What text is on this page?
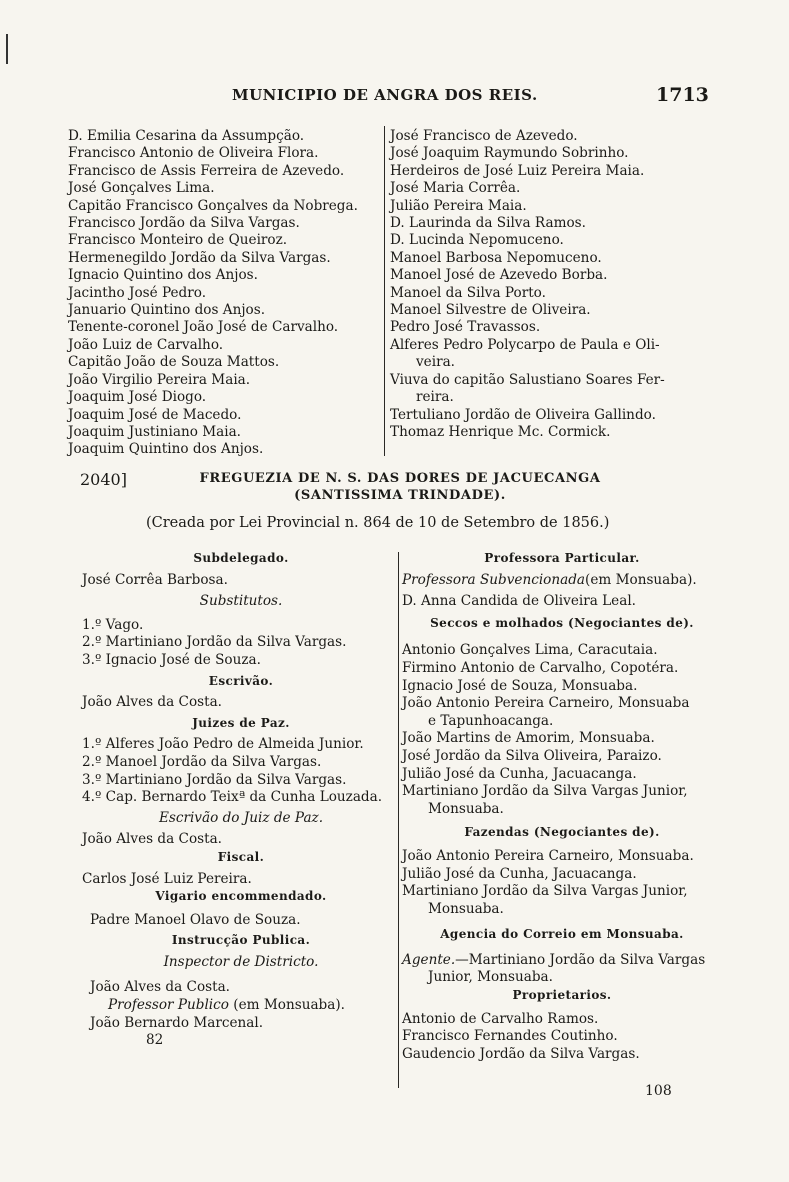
MUNICIPIO DE ANGRA DOS REIS.	1713
D. Emilia Cesarina da Assumpção.
Francisco Antonio de Oliveira Flora.
Francisco de Assis Ferreira de Azevedo.
José Gonçalves Lima.
Capitão Francisco Gonçalves da Nobrega.
Francisco Jordão da Silva Vargas.
Francisco Monteiro de Queiroz.
Hermenegildo Jordão da Silva Vargas.
Ignacio Quintino dos Anjos.
Jacintho José Pedro.
Januario Quintino dos Anjos.
Tenente-coronel João José de Carvalho.
João Luiz de Carvalho.
Capitão João de Souza Mattos.
João Virgilio Pereira Maia.
Joaquim José Diogo.
Joaquim José de Macedo.
Joaquim Justiniano Maia.
Joaquim Quintino dos Anjos.
José Francisco de Azevedo.
José Joaquim Raymundo Sobrinho.
Herdeiros de José Luiz Pereira Maia.
José Maria Corrêa.
Julião Pereira Maia.
D. Laurinda da Silva Ramos.
D. Lucinda Nepomuceno.
Manoel Barbosa Nepomuceno.
Manoel José de Azevedo Borba.
Manoel da Silva Porto.
Manoel Silvestre de Oliveira.
Pedro José Travassos.
Alferes Pedro Polycarpo de Paula e Oli-
veira.
Viuva do capitão Salustiano Soares Fer-
reira.
Tertuliano Jordão de Oliveira Gallindo.
Thomaz Henrique Mc. Cormick.
2040]	FREGUEZIA DE N. S. DAS DORES DE JACUECANGA
(SANTISSIMA TRINDADE).
(Creada por Lei Provincial n. 864 de 10 de Setembro de 1856.)
Subdelegado.
José Corrêa Barbosa.
Substitutos.
1.º Vago.
2.º Martiniano Jordão da Silva Vargas.
3.º Ignacio José de Souza.
Escrivão.
João Alves da Costa.
Juizes de Paz.
1.º Alferes João Pedro de Almeida Junior.
2.º Manoel Jordão da Silva Vargas.
3.º Martiniano Jordão da Silva Vargas.
4.º Cap. Bernardo Teixª da Cunha Louzada.
Escrivão do Juiz de Paz.
João Alves da Costa.
Fiscal.
Carlos José Luiz Pereira.
Vigario encommendado.
Padre Manoel Olavo de Souza.
Instrucção Publica.
Inspector de Districto.
João Alves da Costa.
Professor Publico (em Monsuaba).
João Bernardo Marcenal.
82
Professora Particular.
Professora Subvencionada(em Monsuaba).
D. Anna Candida de Oliveira Leal.
Seccos e molhados (Negociantes de).
Antonio Gonçalves Lima, Caracutaia.
Firmino Antonio de Carvalho, Copotéra.
Ignacio José de Souza, Monsuaba.
João Antonio Pereira Carneiro, Monsuaba
e Tapunhoacanga.
João Martins de Amorim, Monsuaba.
José Jordão da Silva Oliveira, Paraizo.
Julião José da Cunha, Jacuacanga.
Martiniano Jordão da Silva Vargas Junior,
Monsuaba.
Fazendas (Negociantes de).
João Antonio Pereira Carneiro, Monsuaba.
Julião José da Cunha, Jacuacanga.
Martiniano Jordão da Silva Vargas Junior,
Monsuaba.
Agencia do Correio em Monsuaba.
Agente.—Martiniano Jordão da Silva Vargas
Junior, Monsuaba.
Proprietarios.
Antonio de Carvalho Ramos.
Francisco Fernandes Coutinho.
Gaudencio Jordão da Silva Vargas.
108
